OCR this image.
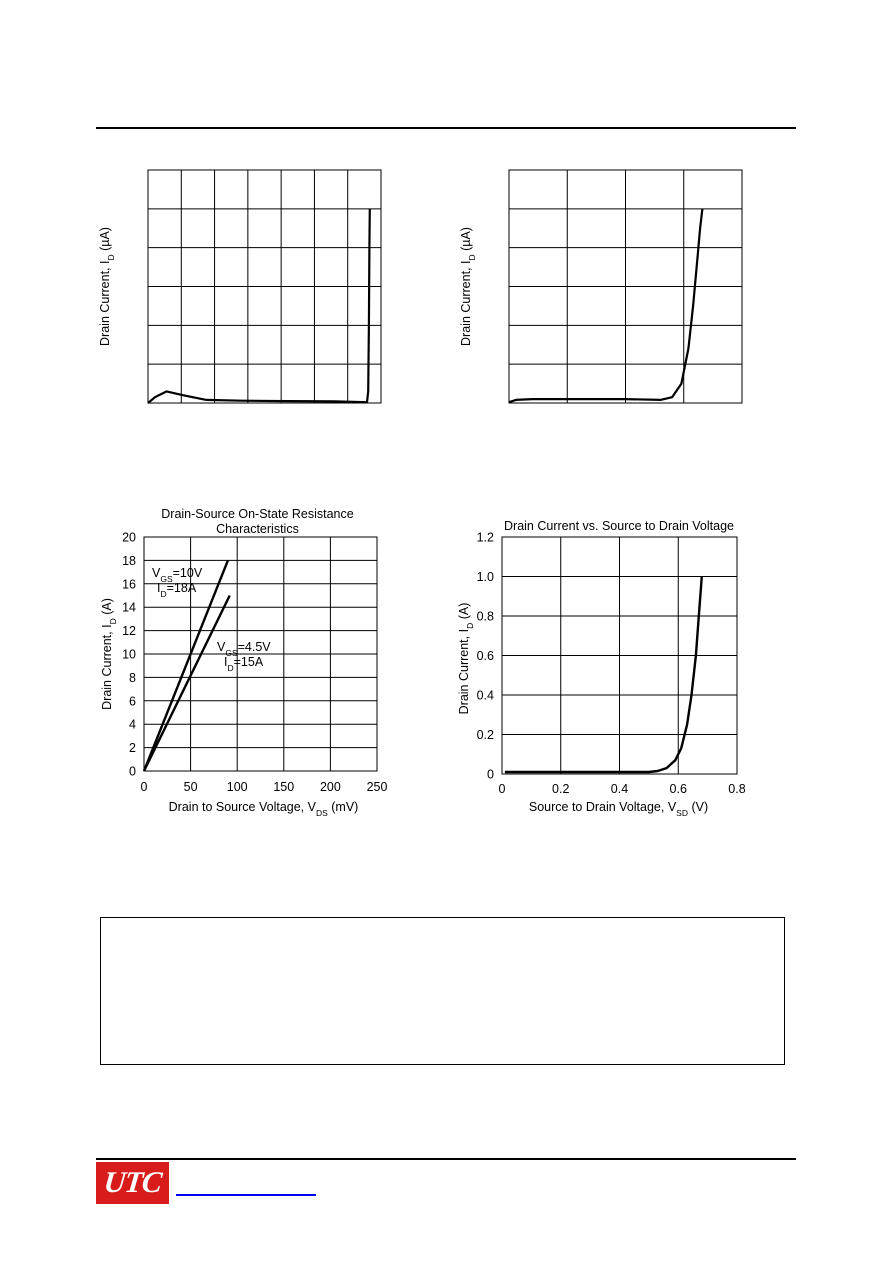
Drain Current, $I_D$ (µA)
Drain Current, $I_D$ (µA)
0	50 100 150 200 250
0
2
4
6
8
10
12
14
16
18
20
Drain-Source On-State Resistance
Characteristics
Drain to Source Voltage, $V_{DS}$ (mV)
Drain Current, $I_D$ (A)
$V_{GS}=10V$
$I_D=18A$
$V_{GS}=4.5V$
$I_D=15A$
0	0.2	0.4	0.6	0.8
0
0.2
0.4
0.6
0.8
1.0
1.2
Drain Current vs. Source to Drain Voltage
Source to Drain Voltage, $V_{SD}$ (V)
Drain Current, $I_D$ (A)
UTC
